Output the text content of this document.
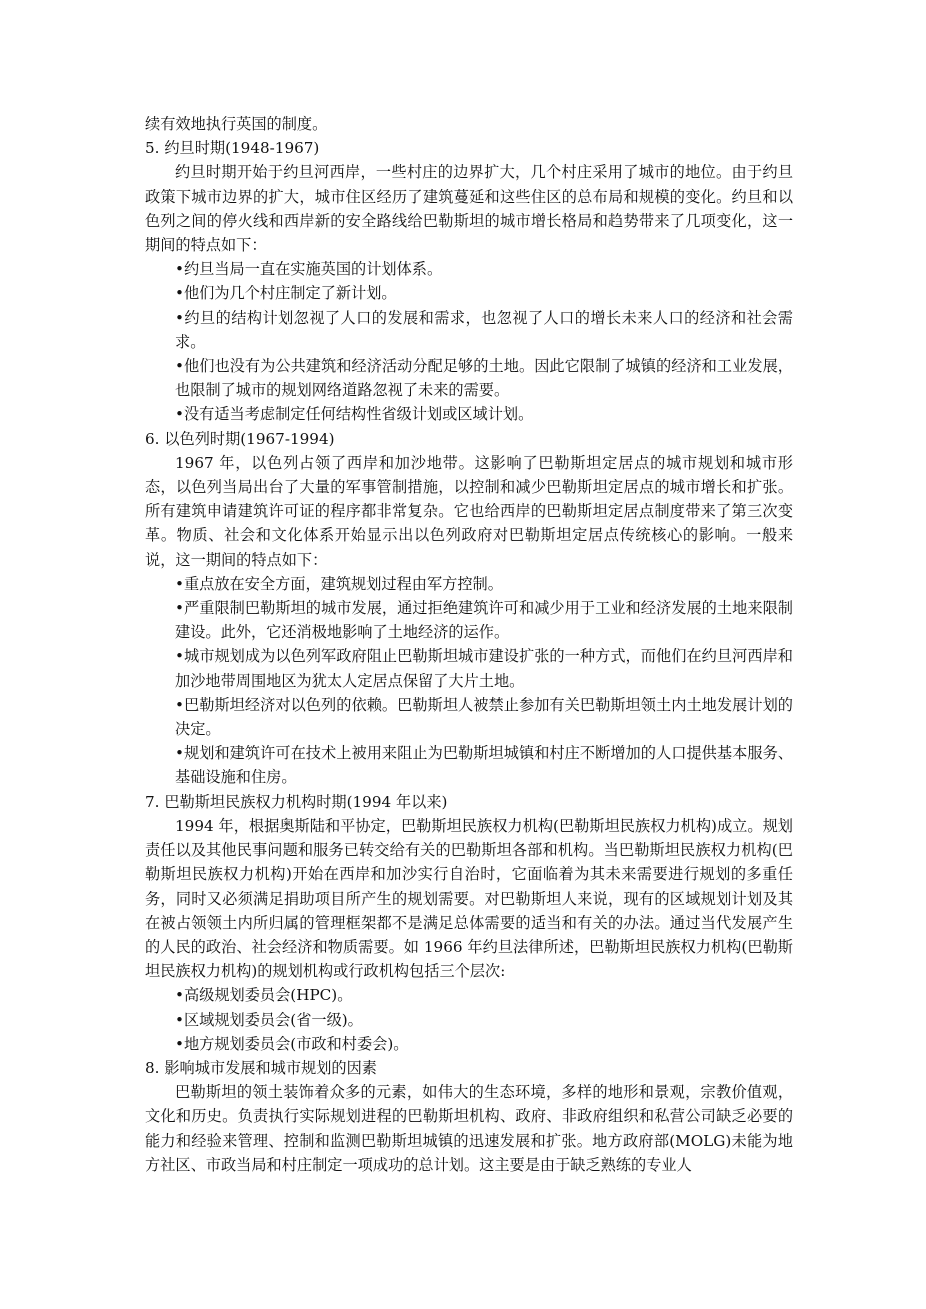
续有效地执行英国的制度。

5. 约旦时期(1948-1967)

约旦时期开始于约旦河西岸，一些村庄的边界扩大，几个村庄采用了城市的地位。由于约旦政策下城市边界的扩大，城市住区经历了建筑蔓延和这些住区的总布局和规模的变化。约旦和以色列之间的停火线和西岸新的安全路线给巴勒斯坦的城市增长格局和趋势带来了几项变化，这一期间的特点如下：

•约旦当局一直在实施英国的计划体系。

•他们为几个村庄制定了新计划。

•约旦的结构计划忽视了人口的发展和需求，也忽视了人口的增长未来人口的经济和社会需求。

•他们也没有为公共建筑和经济活动分配足够的土地。因此它限制了城镇的经济和工业发展，也限制了城市的规划网络道路忽视了未来的需要。

•没有适当考虑制定任何结构性省级计划或区域计划。

6. 以色列时期(1967-1994)

1967 年，以色列占领了西岸和加沙地带。这影响了巴勒斯坦定居点的城市规划和城市形态，以色列当局出台了大量的军事管制措施，以控制和减少巴勒斯坦定居点的城市增长和扩张。所有建筑申请建筑许可证的程序都非常复杂。它也给西岸的巴勒斯坦定居点制度带来了第三次变革。物质、社会和文化体系开始显示出以色列政府对巴勒斯坦定居点传统核心的影响。一般来说，这一期间的特点如下：

•重点放在安全方面，建筑规划过程由军方控制。

•严重限制巴勒斯坦的城市发展，通过拒绝建筑许可和减少用于工业和经济发展的土地来限制建设。此外，它还消极地影响了土地经济的运作。

•城市规划成为以色列军政府阻止巴勒斯坦城市建设扩张的一种方式，而他们在约旦河西岸和加沙地带周围地区为犹太人定居点保留了大片土地。

•巴勒斯坦经济对以色列的依赖。巴勒斯坦人被禁止参加有关巴勒斯坦领土内土地发展计划的决定。

•规划和建筑许可在技术上被用来阻止为巴勒斯坦城镇和村庄不断增加的人口提供基本服务、基础设施和住房。

7. 巴勒斯坦民族权力机构时期(1994 年以来)

1994 年，根据奥斯陆和平协定，巴勒斯坦民族权力机构(巴勒斯坦民族权力机构)成立。规划责任以及其他民事问题和服务已转交给有关的巴勒斯坦各部和机构。当巴勒斯坦民族权力机构(巴勒斯坦民族权力机构)开始在西岸和加沙实行自治时，它面临着为其未来需要进行规划的多重任务，同时又必须满足捐助项目所产生的规划需要。对巴勒斯坦人来说，现有的区域规划计划及其在被占领领土内所归属的管理框架都不是满足总体需要的适当和有关的办法。通过当代发展产生的人民的政治、社会经济和物质需要。如 1966 年约旦法律所述，巴勒斯坦民族权力机构(巴勒斯坦民族权力机构)的规划机构或行政机构包括三个层次:

•高级规划委员会(HPC)。

•区域规划委员会(省一级)。

•地方规划委员会(市政和村委会)。

8. 影响城市发展和城市规划的因素

巴勒斯坦的领土装饰着众多的元素，如伟大的生态环境，多样的地形和景观，宗教价值观，文化和历史。负责执行实际规划进程的巴勒斯坦机构、政府、非政府组织和私营公司缺乏必要的能力和经验来管理、控制和监测巴勒斯坦城镇的迅速发展和扩张。地方政府部(MOLG)未能为地方社区、市政当局和村庄制定一项成功的总计划。这主要是由于缺乏熟练的专业人
